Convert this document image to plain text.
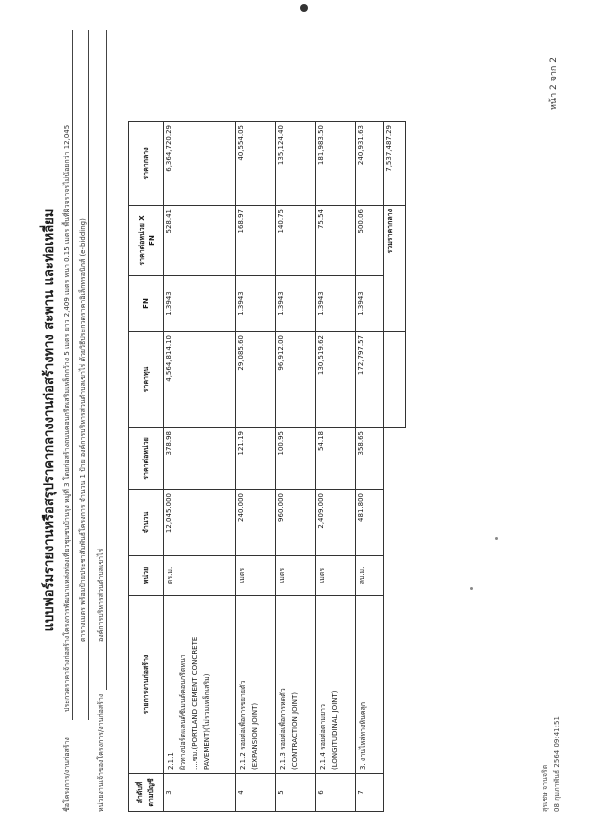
แบบฟอร์มรายงานหรือสรุปราคากลางงานก่อสร้างทาง สะพาน และท่อเหลี่ยม
ชื่อโครงการ/งานก่อสร้าง
ประกวดราคาจ้างก่อสร้างโครงการพัฒนาแหล่งท่องเที่ยวชุมชนบ้านรุง หมู่ที่ 3 โดยก่อสร้างถนนคอนกรีตเสริมเหล็กกว้าง 5 เมตร ยาว 2,409 เมตร หนา 0.15 เมตร พื้นที่ผิวจราจรไม่น้อยกว่า 12,045 ตารางเมตร พร้อมป้ายประชาสัมพันธ์โครงการ จำนวน 1 ป้าย องค์การบริหารส่วนตำบลเขาไร่ ด้วยวิธีประกวดราคาอิเล็กทรอนิกส์ (e-bidding)
หน่วยงานเจ้าของโครงการ/งานก่อสร้าง
องค์การบริหารส่วนตำบลเขาไร่
ลำดับที่ ตามบัญชี	รายการงานก่อสร้าง	หน่วย	จำนวน	ราคาต่อหน่วย	ราคาทุน	FN	ราคาต่อหน่วย X FN	ราคากลาง
3	2.1.1 ผิวทางปอร์ตแลนด์ซีเมนต์คอนกรีตหนา ....ซม.(PORTLAND CEMENT CONCRETE PAVEMENT)(ไม่รวมเหล็กเสริม)	ตร.ม.	12,045.000	378.98	4,564,814.10	1.3943	528.41	6,364,720.29
4	2.1.2 รอยต่อเพื่อการขยายตัว (EXPANSION JOINT)	เมตร	240.000	121.19	29,085.60	1.3943	168.97	40,554.05
5	2.1.3 รอยต่อเพื่อการหดตัว (CONTRACTION JOINT)	เมตร	960.000	100.95	96,912.00	1.3943	140.75	135,124.40
6	2.1.4 รอยต่อตามยาว (LONGITUDINAL JOINT)	เมตร	2,409.000	54.18	130,519.62	1.3943	75.54	181,983.50
7	3. งานไหล่ทางหินคลุก	ลบ.ม.	481.800	358.65	172,797.57	1.3943	500.06	240,931.63
						รวมราคากลาง		7,537,487.29
สุรเชษ จานจริต 08 กุมภาพันธ์ 2564 09:41:51
หน้า 2 จาก 2
